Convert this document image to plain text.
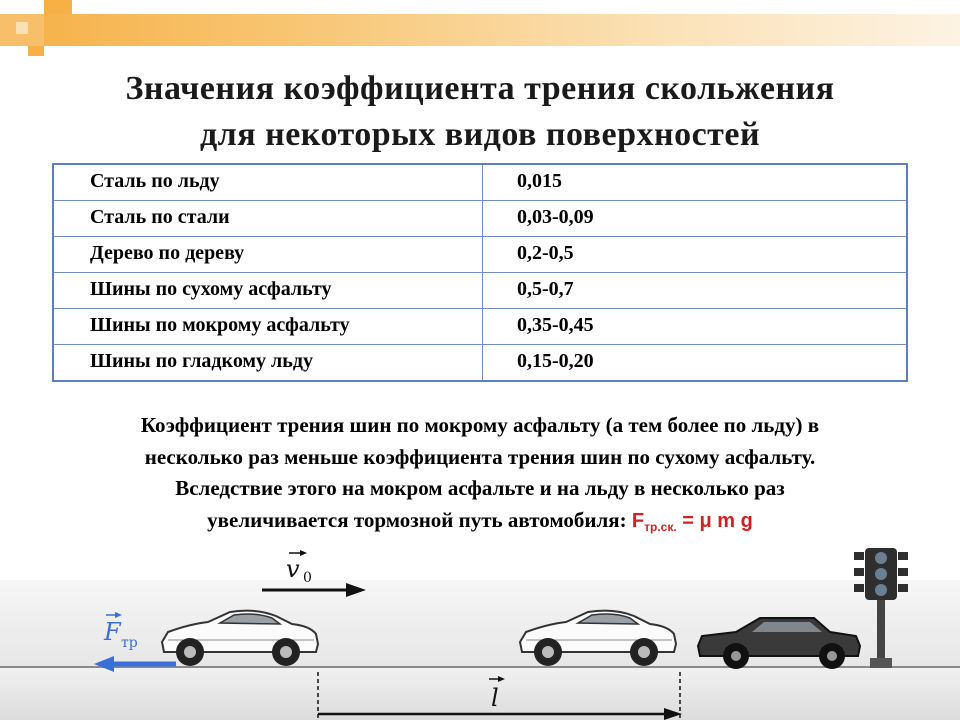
Значения коэффициента трения скольжения
для некоторых видов поверхностей
Сталь по льду	0,015

Сталь по стали	0,03-0,09

Дерево по дереву	0,2-0,5

Шины по сухому асфальту	0,5-0,7

Шины по мокрому асфальту	0,35-0,45

Шины по гладкому льду	0,15-0,20
Коэффициент трения шин по мокрому асфальту (а тем более по льду) в
несколько раз меньше коэффициента трения шин по сухому асфальту.
Вследствие этого на мокром асфальте и на льду в несколько раз
увеличивается тормозной путь автомобиля: $F_{тр.ск.} = \mu$ m g
v 0
F тр
l
